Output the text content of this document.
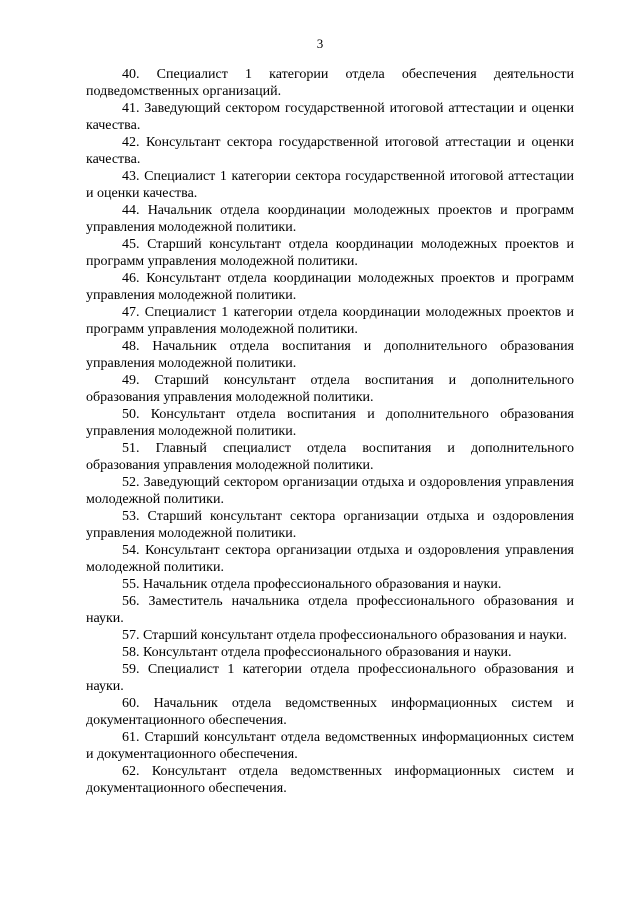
3

40. Специалист 1 категории отдела обеспечения деятельности подведомственных организаций.

41. Заведующий сектором государственной итоговой аттестации и оценки качества.

42. Консультант сектора государственной итоговой аттестации и оценки качества.

43. Специалист 1 категории сектора государственной итоговой аттестации и оценки качества.

44. Начальник отдела координации молодежных проектов и программ управления молодежной политики.

45. Старший консультант отдела координации молодежных проектов и программ управления молодежной политики.

46. Консультант отдела координации молодежных проектов и программ управления молодежной политики.

47. Специалист 1 категории отдела координации молодежных проектов и программ управления молодежной политики.

48. Начальник отдела воспитания и дополнительного образования управления молодежной политики.

49. Старший консультант отдела воспитания и дополнительного образования управления молодежной политики.

50. Консультант отдела воспитания и дополнительного образования управления молодежной политики.

51. Главный специалист отдела воспитания и дополнительного образования управления молодежной политики.

52. Заведующий сектором организации отдыха и оздоровления управления молодежной политики.

53. Старший консультант сектора организации отдыха и оздоровления управления молодежной политики.

54. Консультант сектора организации отдыха и оздоровления управления молодежной политики.

55. Начальник отдела профессионального образования и науки.

56. Заместитель начальника отдела профессионального образования и науки.

57. Старший консультант отдела профессионального образования и науки.

58. Консультант отдела профессионального образования и науки.

59. Специалист 1 категории отдела профессионального образования и науки.

60. Начальник отдела ведомственных информационных систем и документационного обеспечения.

61. Старший консультант отдела ведомственных информационных систем и документационного обеспечения.

62. Консультант отдела ведомственных информационных систем и документационного обеспечения.
